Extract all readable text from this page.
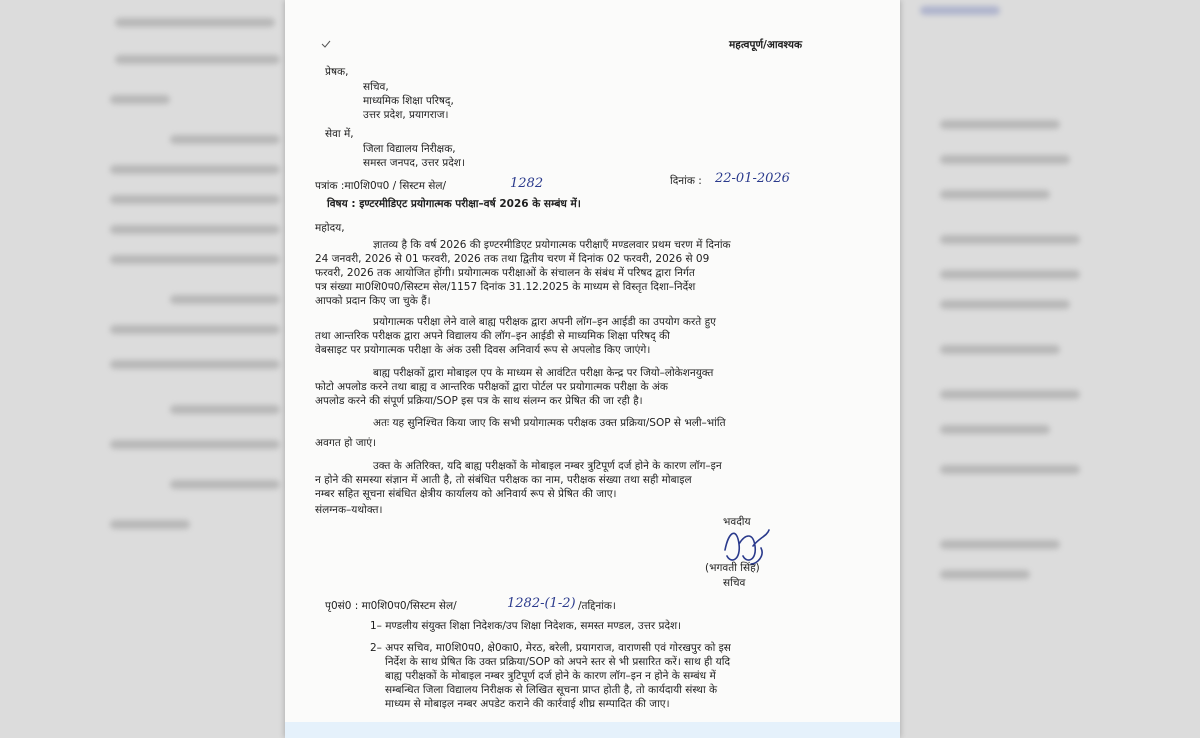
महत्वपूर्ण/आवश्यक
प्रेषक,
सचिव,
माध्यमिक शिक्षा परिषद्,
उत्तर प्रदेश, प्रयागराज।
सेवा में,
जिला विद्यालय निरीक्षक,
समस्त जनपद, उत्तर प्रदेश।
पत्रांक :मा0शि0प0 / सिस्टम सेल/	1282	दिनांक : 22-01-2026
विषय : इण्टरमीडिएट प्रयोगात्मक परीक्षा–वर्ष 2026 के सम्बंध में।
महोदय,
ज्ञातव्य है कि वर्ष 2026 की इण्टरमीडिएट प्रयोगात्मक परीक्षाएँ मण्डलवार प्रथम चरण में दिनांक
24 जनवरी, 2026 से 01 फरवरी, 2026 तक तथा द्वितीय चरण में दिनांक 02 फरवरी, 2026 से 09
फरवरी, 2026 तक आयोजित होंगी। प्रयोगात्मक परीक्षाओं के संचालन के संबंध में परिषद द्वारा निर्गत
पत्र संख्या मा0शि0प0/सिस्टम सेल/1157 दिनांक 31.12.2025 के माध्यम से विस्तृत दिशा–निर्देश
आपको प्रदान किए जा चुके हैं।
प्रयोगात्मक परीक्षा लेने वाले बाह्य परीक्षक द्वारा अपनी लॉग–इन आईडी का उपयोग करते हुए
तथा आन्तरिक परीक्षक द्वारा अपने विद्यालय की लॉग–इन आईडी से माध्यमिक शिक्षा परिषद् की
वेबसाइट पर प्रयोगात्मक परीक्षा के अंक उसी दिवस अनिवार्य रूप से अपलोड किए जाएंगे।
बाह्य परीक्षकों द्वारा मोबाइल एप के माध्यम से आवंटित परीक्षा केन्द्र पर जियो–लोकेशनयुक्त
फोटो अपलोड करने तथा बाह्य व आन्तरिक परीक्षकों द्वारा पोर्टल पर प्रयोगात्मक परीक्षा के अंक
अपलोड करने की संपूर्ण प्रक्रिया/SOP इस पत्र के साथ संलग्न कर प्रेषित की जा रही है।
अतः यह सुनिश्चित किया जाए कि सभी प्रयोगात्मक परीक्षक उक्त प्रक्रिया/SOP से भली–भांति
अवगत हो जाएं।
उक्त के अतिरिक्त, यदि बाह्य परीक्षकों के मोबाइल नम्बर त्रुटिपूर्ण दर्ज होने के कारण लॉग–इन
न होने की समस्या संज्ञान में आती है, तो संबंधित परीक्षक का नाम, परीक्षक संख्या तथा सही मोबाइल
नम्बर सहित सूचना संबंधित क्षेत्रीय कार्यालय को अनिवार्य रूप से प्रेषित की जाए।
संलग्नक–यथोक्त।
भवदीय
(भगवती सिंह)
सचिव
पृ0सं0 : मा0शि0प0/सिस्टम सेल/	1282-(1-2) /तद्दिनांक।
1– मण्डलीय संयुक्त शिक्षा निदेशक/उप शिक्षा निदेशक, समस्त मण्डल, उत्तर प्रदेश।
2– अपर सचिव, मा0शि0प0, क्षे0का0, मेरठ, बरेली, प्रयागराज, वाराणसी एवं गोरखपुर को इस
निर्देश के साथ प्रेषित कि उक्त प्रक्रिया/SOP को अपने स्तर से भी प्रसारित करें। साथ ही यदि
बाह्य परीक्षकों के मोबाइल नम्बर त्रुटिपूर्ण दर्ज होने के कारण लॉग–इन न होने के सम्बंध में
सम्बन्धित जिला विद्यालय निरीक्षक से लिखित सूचना प्राप्त होती है, तो कार्यदायी संस्था के
माध्यम से मोबाइल नम्बर अपडेट कराने की कार्रवाई शीघ्र सम्पादित की जाए।
